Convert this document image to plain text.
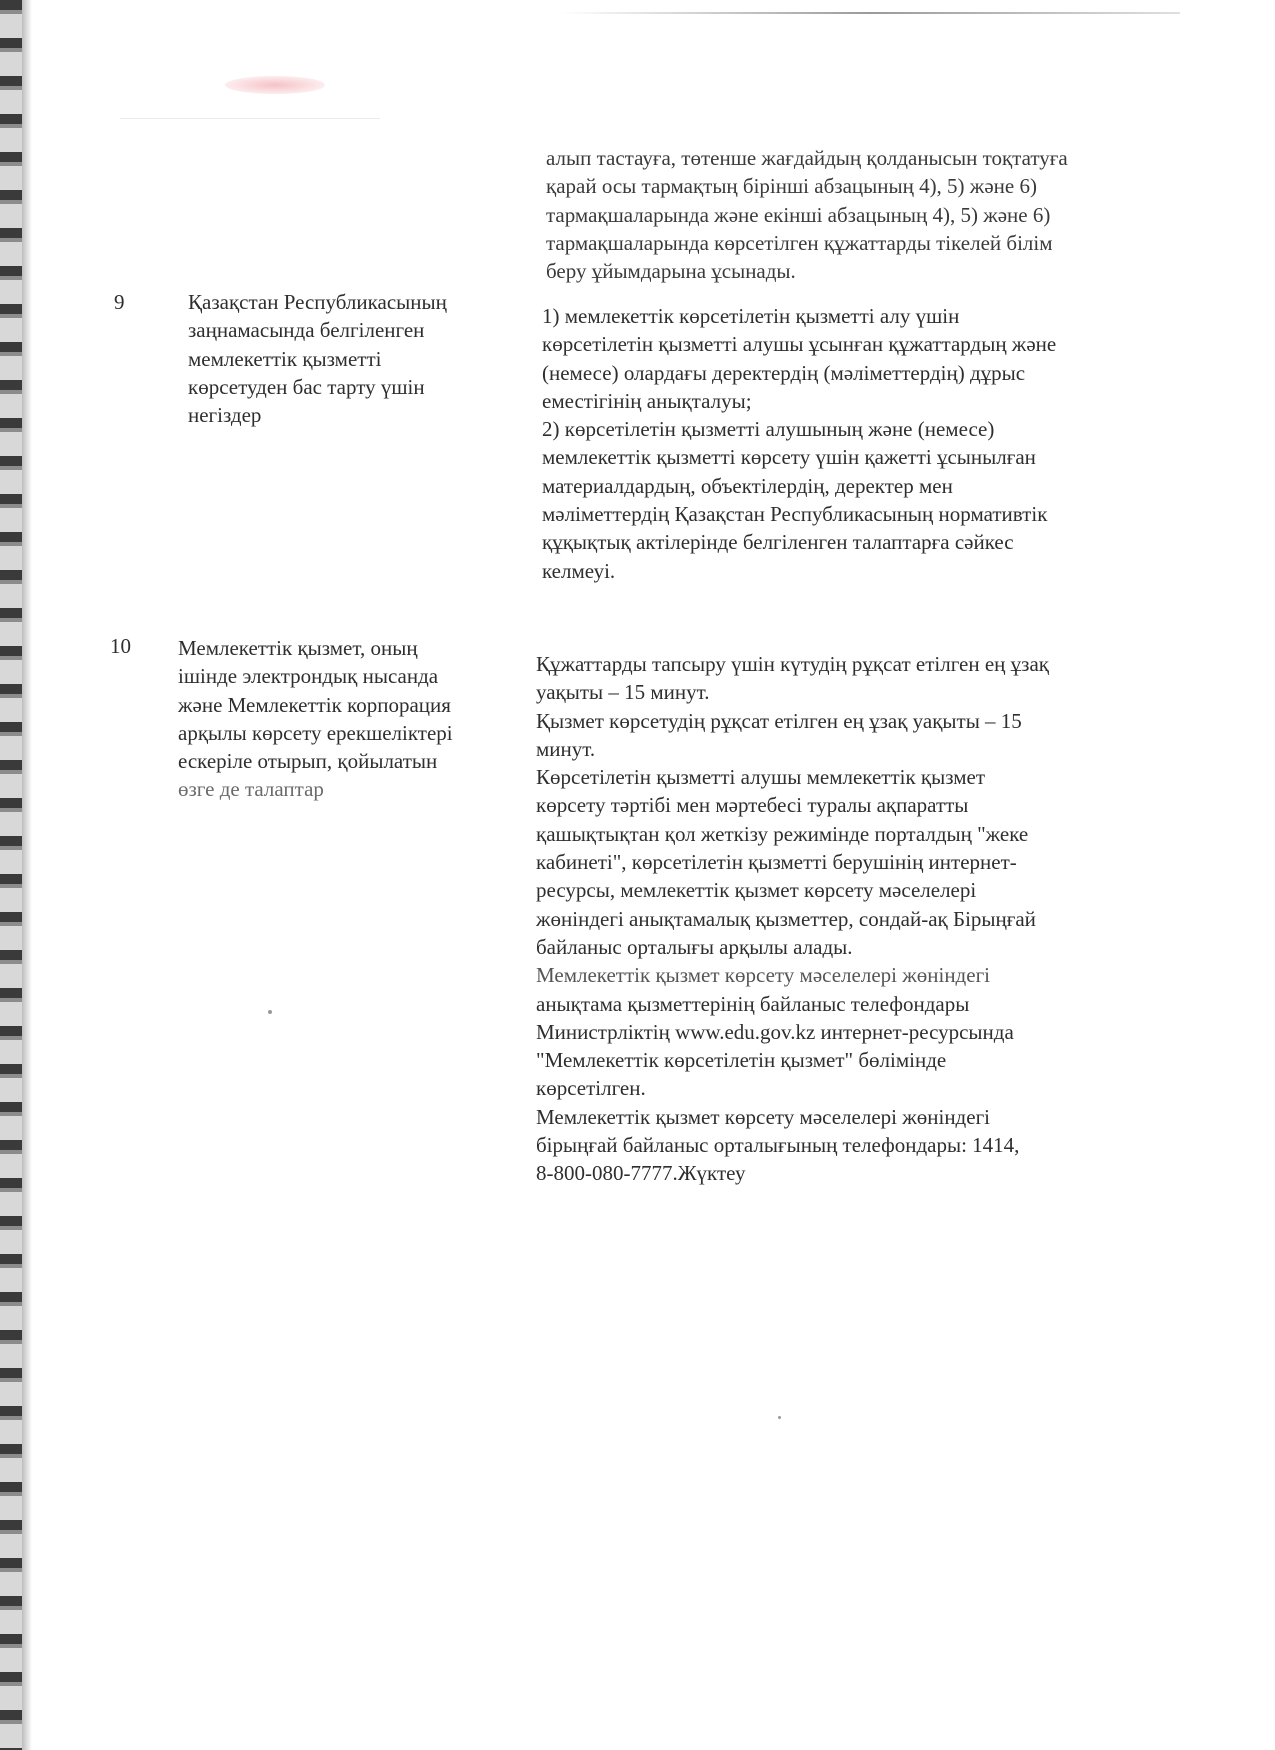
алып тастауға, төтенше жағдайдың қолданысын тоқтатуға
қарай осы тармақтың бірінші абзацының 4), 5) және 6)
тармақшаларында және екінші абзацының 4), 5) және 6)
тармақшаларында көрсетілген құжаттарды тікелей білім
беру ұйымдарына ұсынады.
9	Қазақстан Республикасының
заңнамасында белгіленген
мемлекеттік қызметті
көрсетуден бас тарту үшін
негіздер
1) мемлекеттік көрсетілетін қызметті алу үшін
көрсетілетін қызметті алушы ұсынған құжаттардың және
(немесе) олардағы деректердің (мәліметтердің) дұрыс
еместігінің анықталуы;
2) көрсетілетін қызметті алушының және (немесе)
мемлекеттік қызметті көрсету үшін қажетті ұсынылған
материалдардың, объектілердің, деректер мен
мәліметтердің Қазақстан Республикасының нормативтік
құқықтық актілерінде белгіленген талаптарға сәйкес
келмеуі.
10 Мемлекеттік қызмет, оның
ішінде электрондық нысанда
және Мемлекеттік корпорация
арқылы көрсету ерекшеліктері
ескеріле отырып, қойылатын
өзге де талаптар
Құжаттарды тапсыру үшін күтудің рұқсат етілген ең ұзақ
уақыты – 15 минут.
Қызмет көрсетудің рұқсат етілген ең ұзақ уақыты – 15
минут.
Көрсетілетін қызметті алушы мемлекеттік қызмет
көрсету тәртібі мен мәртебесі туралы ақпаратты
қашықтықтан қол жеткізу режимінде порталдың "жеке
кабинеті", көрсетілетін қызметті берушінің интернет-
ресурсы, мемлекеттік қызмет көрсету мәселелері
жөніндегі анықтамалық қызметтер, сондай-ақ Бірыңғай
байланыс орталығы арқылы алады.
Мемлекеттік қызмет көрсету мәселелері жөніндегі
анықтама қызметтерінің байланыс телефондары
Министрліктің www.edu.gov.kz интернет-ресурсында
"Мемлекеттік көрсетілетін қызмет" бөлімінде
көрсетілген.
Мемлекеттік қызмет көрсету мәселелері жөніндегі
бірыңғай байланыс орталығының телефондары: 1414,
8-800-080-7777.Жүктеу
